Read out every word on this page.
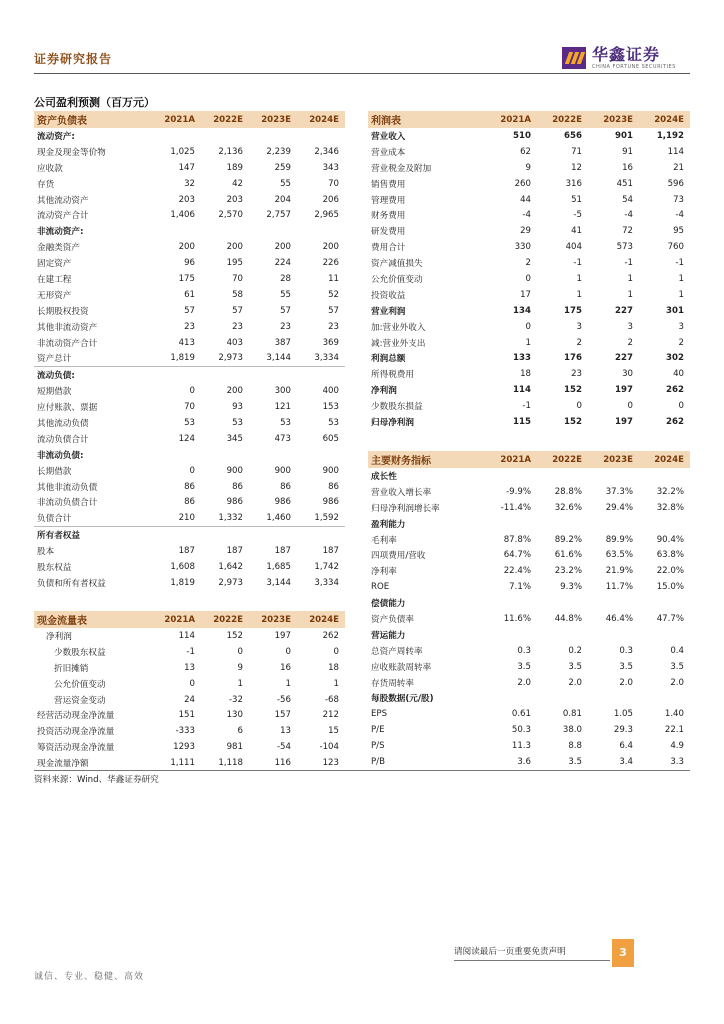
证券研究报告	华鑫证券
CHINA FORTUNE SECURITIES
公司盈利预测（百万元）
资产负债表	2021A	2022E	2023E	2024E
流动资产:				
现金及现金等价物	1,025	2,136	2,239	2,346
应收款	147	189	259	343
存货	32	42	55	70
其他流动资产	203	203	204	206
流动资产合计	1,406	2,570	2,757	2,965
非流动资产:				
金融类资产	200	200	200	200
固定资产	96	195	224	226
在建工程	175	70	28	11
无形资产	61	58	55	52
长期股权投资	57	57	57	57
其他非流动资产	23	23	23	23
非流动资产合计	413	403	387	369
资产总计	1,819	2,973	3,144	3,334
流动负债:				
短期借款	0	200	300	400
应付账款、票据	70	93	121	153
其他流动负债	53	53	53	53
流动负债合计	124	345	473	605
非流动负债:				
长期借款	0	900	900	900
其他非流动负债	86	86	86	86
非流动负债合计	86	986	986	986
负债合计	210	1,332	1,460	1,592
所有者权益				
股本	187	187	187	187
股东权益	1,608	1,642	1,685	1,742
负债和所有者权益	1,819	2,973	3,144	3,334
现金流量表	2021A	2022E	2023E	2024E
净利润	114	152	197	262
少数股东权益	-1	0	0	0
折旧摊销	13	9	16	18
公允价值变动	0	1	1	1
营运资金变动	24	-32	-56	-68
经营活动现金净流量	151	130	157	212
投资活动现金净流量	-333	6	13	15
筹资活动现金净流量	1293	981	-54	-104
现金流量净额	1,111	1,118	116	123
利润表	2021A	2022E	2023E	2024E
营业收入	510	656	901	1,192
营业成本	62	71	91	114
营业税金及附加	9	12	16	21
销售费用	260	316	451	596
管理费用	44	51	54	73
财务费用	-4	-5	-4	-4
研发费用	29	41	72	95
费用合计	330	404	573	760
资产减值损失	2	-1	-1	-1
公允价值变动	0	1	1	1
投资收益	17	1	1	1
营业利润	134	175	227	301
加:营业外收入	0	3	3	3
减:营业外支出	1	2	2	2
利润总额	133	176	227	302
所得税费用	18	23	30	40
净利润	114	152	197	262
少数股东损益	-1	0	0	0
归母净利润	115	152	197	262
主要财务指标	2021A	2022E	2023E	2024E
成长性				
营业收入增长率	-9.9%	28.8%	37.3%	32.2%
归母净利润增长率	-11.4%	32.6%	29.4%	32.8%
盈利能力				
毛利率	87.8%	89.2%	89.9%	90.4%
四项费用/营收	64.7%	61.6%	63.5%	63.8%
净利率	22.4%	23.2%	21.9%	22.0%
ROE	7.1%	9.3%	11.7%	15.0%
偿债能力				
资产负债率	11.6%	44.8%	46.4%	47.7%
营运能力				
总资产周转率	0.3	0.2	0.3	0.4
应收账款周转率	3.5	3.5	3.5	3.5
存货周转率	2.0	2.0	2.0	2.0
每股数据(元/股)				
EPS	0.61	0.81	1.05	1.40
P/E	50.3	38.0	29.3	22.1
P/S	11.3	8.8	6.4	4.9
P/B	3.6	3.5	3.4	3.3
资料来源：Wind、华鑫证券研究
请阅读最后一页重要免责声明	3
诚信、专业、稳健、高效
